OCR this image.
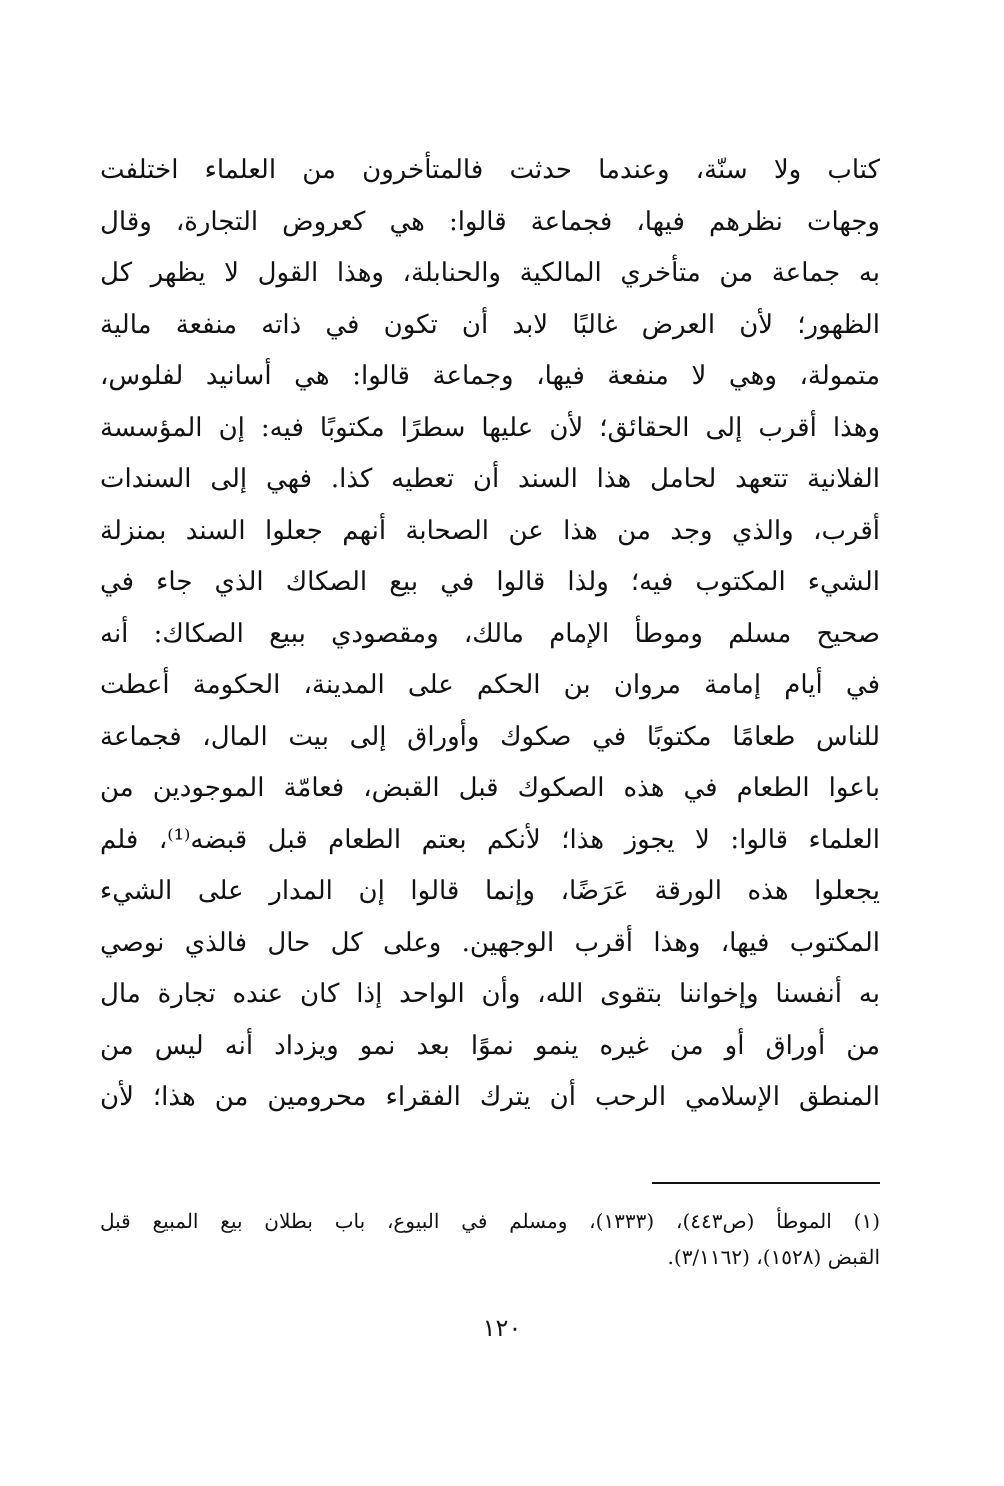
كتاب ولا سنّة، وعندما حدثت فالمتأخرون من العلماء اختلفت
وجهات نظرهم فيها، فجماعة قالوا: هي كعروض التجارة، وقال
به جماعة من متأخري المالكية والحنابلة، وهذا القول لا يظهر كل
الظهور؛ لأن العرض غالبًا لابد أن تكون في ذاته منفعة مالية
متمولة، وهي لا منفعة فيها، وجماعة قالوا: هي أسانيد لفلوس،
وهذا أقرب إلى الحقائق؛ لأن عليها سطرًا مكتوبًا فيه: إن المؤسسة
الفلانية تتعهد لحامل هذا السند أن تعطيه كذا. فهي إلى السندات
أقرب، والذي وجد من هذا عن الصحابة أنهم جعلوا السند بمنزلة
الشيء المكتوب فيه؛ ولذا قالوا في بيع الصكاك الذي جاء في
صحيح مسلم وموطأ الإمام مالك، ومقصودي ببيع الصكاك: أنه
في أيام إمامة مروان بن الحكم على المدينة، الحكومة أعطت
للناس طعامًا مكتوبًا في صكوك وأوراق إلى بيت المال، فجماعة
باعوا الطعام في هذه الصكوك قبل القبض، فعامّة الموجودين من
العلماء قالوا: لا يجوز هذا؛ لأنكم بعتم الطعام قبل قبضه⁽¹⁾، فلم
يجعلوا هذه الورقة عَرَضًا، وإنما قالوا إن المدار على الشيء
المكتوب فيها، وهذا أقرب الوجهين. وعلى كل حال فالذي نوصي
به أنفسنا وإخواننا بتقوى الله، وأن الواحد إذا كان عنده تجارة مال
من أوراق أو من غيره ينمو نموًا بعد نمو ويزداد أنه ليس من
المنطق الإسلامي الرحب أن يترك الفقراء محرومين من هذا؛ لأن
(١) الموطأ (ص٤٤٣)، (١٣٣٣)، ومسلم في البيوع، باب بطلان بيع المبيع قبل
القبض (١٥٢٨)، (٣/١١٦٢).
١٢٠
